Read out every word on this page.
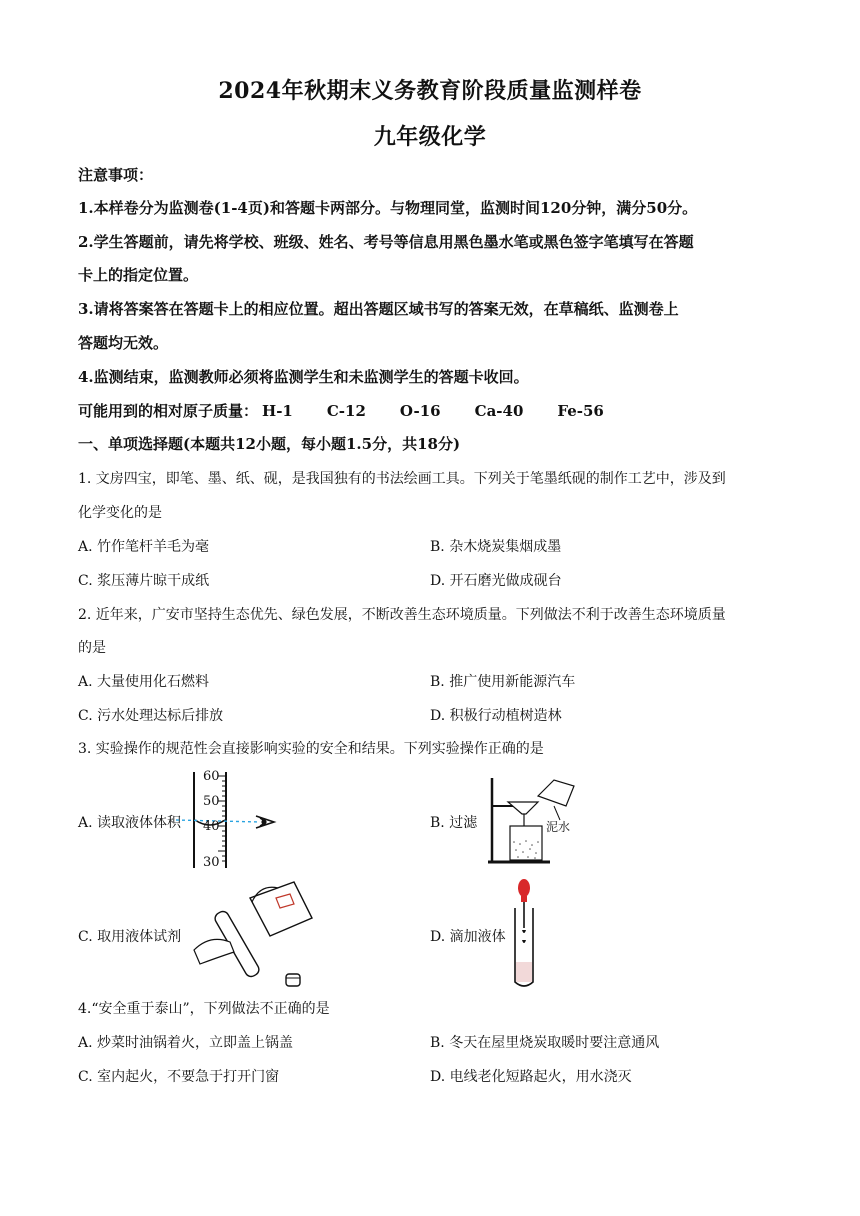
2024年秋期末义务教育阶段质量监测样卷
九年级化学
注意事项：
1.本样卷分为监测卷(1-4页)和答题卡两部分。与物理同堂，监测时间120分钟，满分50分。
2.学生答题前，请先将学校、班级、姓名、考号等信息用黑色墨水笔或黑色签字笔填写在答题
卡上的指定位置。
3.请将答案答在答题卡上的相应位置。超出答题区域书写的答案无效，在草稿纸、监测卷上
答题均无效。
4.监测结束，监测教师必须将监测学生和未监测学生的答题卡收回。
可能用到的相对原子质量： H-1 C-12 O-16 Ca-40 Fe-56
一、单项选择题(本题共12小题，每小题1.5分，共18分)
1. 文房四宝，即笔、墨、纸、砚，是我国独有的书法绘画工具。下列关于笔墨纸砚的制作工艺中，涉及到
化学变化的是
A. 竹作笔杆羊毛为毫	B. 杂木烧炭集烟成墨
C. 浆压薄片晾干成纸	D. 开石磨光做成砚台
2. 近年来，广安市坚持生态优先、绿色发展，不断改善生态环境质量。下列做法不利于改善生态环境质量
的是
A. 大量使用化石燃料	B. 推广使用新能源汽车
C. 污水处理达标后排放	D. 积极行动植树造林
3. 实验操作的规范性会直接影响实验的安全和结果。下列实验操作正确的是
A. 读取液体体积
60
50
40
30
B. 过滤	泥水
C. 取用液体试剂	D. 滴加液体
4.“安全重于泰山”，下列做法不正确的是
A. 炒菜时油锅着火，立即盖上锅盖	B. 冬天在屋里烧炭取暖时要注意通风
C. 室内起火，不要急于打开门窗	D. 电线老化短路起火，用水浇灭
